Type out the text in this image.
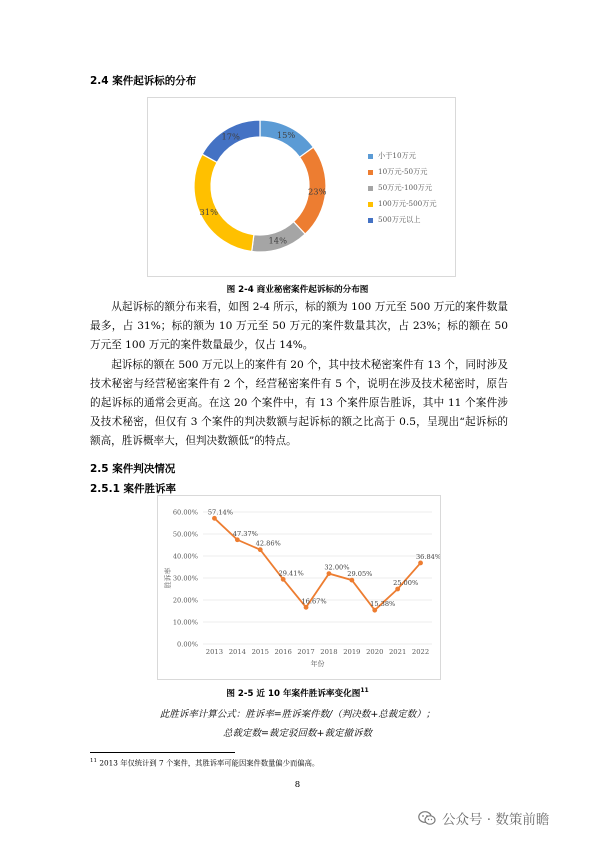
2.4 案件起诉标的分布
15%
23%
14%
31%
17%
小于10万元
10万元-50万元
50万元-100万元
100万元-500万元
500万元以上
图 2-4 商业秘密案件起诉标的分布图

从起诉标的额分布来看，如图 2-4 所示，标的额为 100 万元至 500 万元的案件数量最多，占 31%；标的额为 10 万元至 50 万元的案件数量其次，占 23%；标的额在 50 万元至 100 万元的案件数量最少，仅占 14%。

起诉标的额在 500 万元以上的案件有 20 个，其中技术秘密案件有 13 个，同时涉及技术秘密与经营秘密案件有 2 个，经营秘密案件有 5 个，说明在涉及技术秘密时，原告的起诉标的通常会更高。在这 20 个案件中，有 13 个案件原告胜诉，其中 11 个案件涉及技术秘密，但仅有 3 个案件的判决数额与起诉标的额之比高于 0.5，呈现出“起诉标的额高，胜诉概率大，但判决数额低”的特点。

2.5 案件判决情况
2.5.1 案件胜诉率
0.00%
10.00%
20.00%
30.00%
40.00%
50.00%
60.00%
2013 2014 2015 2016 2017 2018 2019 2020 2021 2022
年份
胜诉率
57.14%
47.37%
42.86%
29.41%
16.67%
32.00%
29.05%
15.38%
25.00%
36.84%
图 2-5 近 10 年案件胜诉率变化图$^{11}$
此胜诉率计算公式：胜诉率=胜诉案件数/（判决数+总裁定数）；
总裁定数=裁定驳回数+裁定撤诉数
$^{11}$ 2013 年仅统计到 7 个案件，其胜诉率可能因案件数量偏少而偏高。
8
公众号 · 数策前瞻
